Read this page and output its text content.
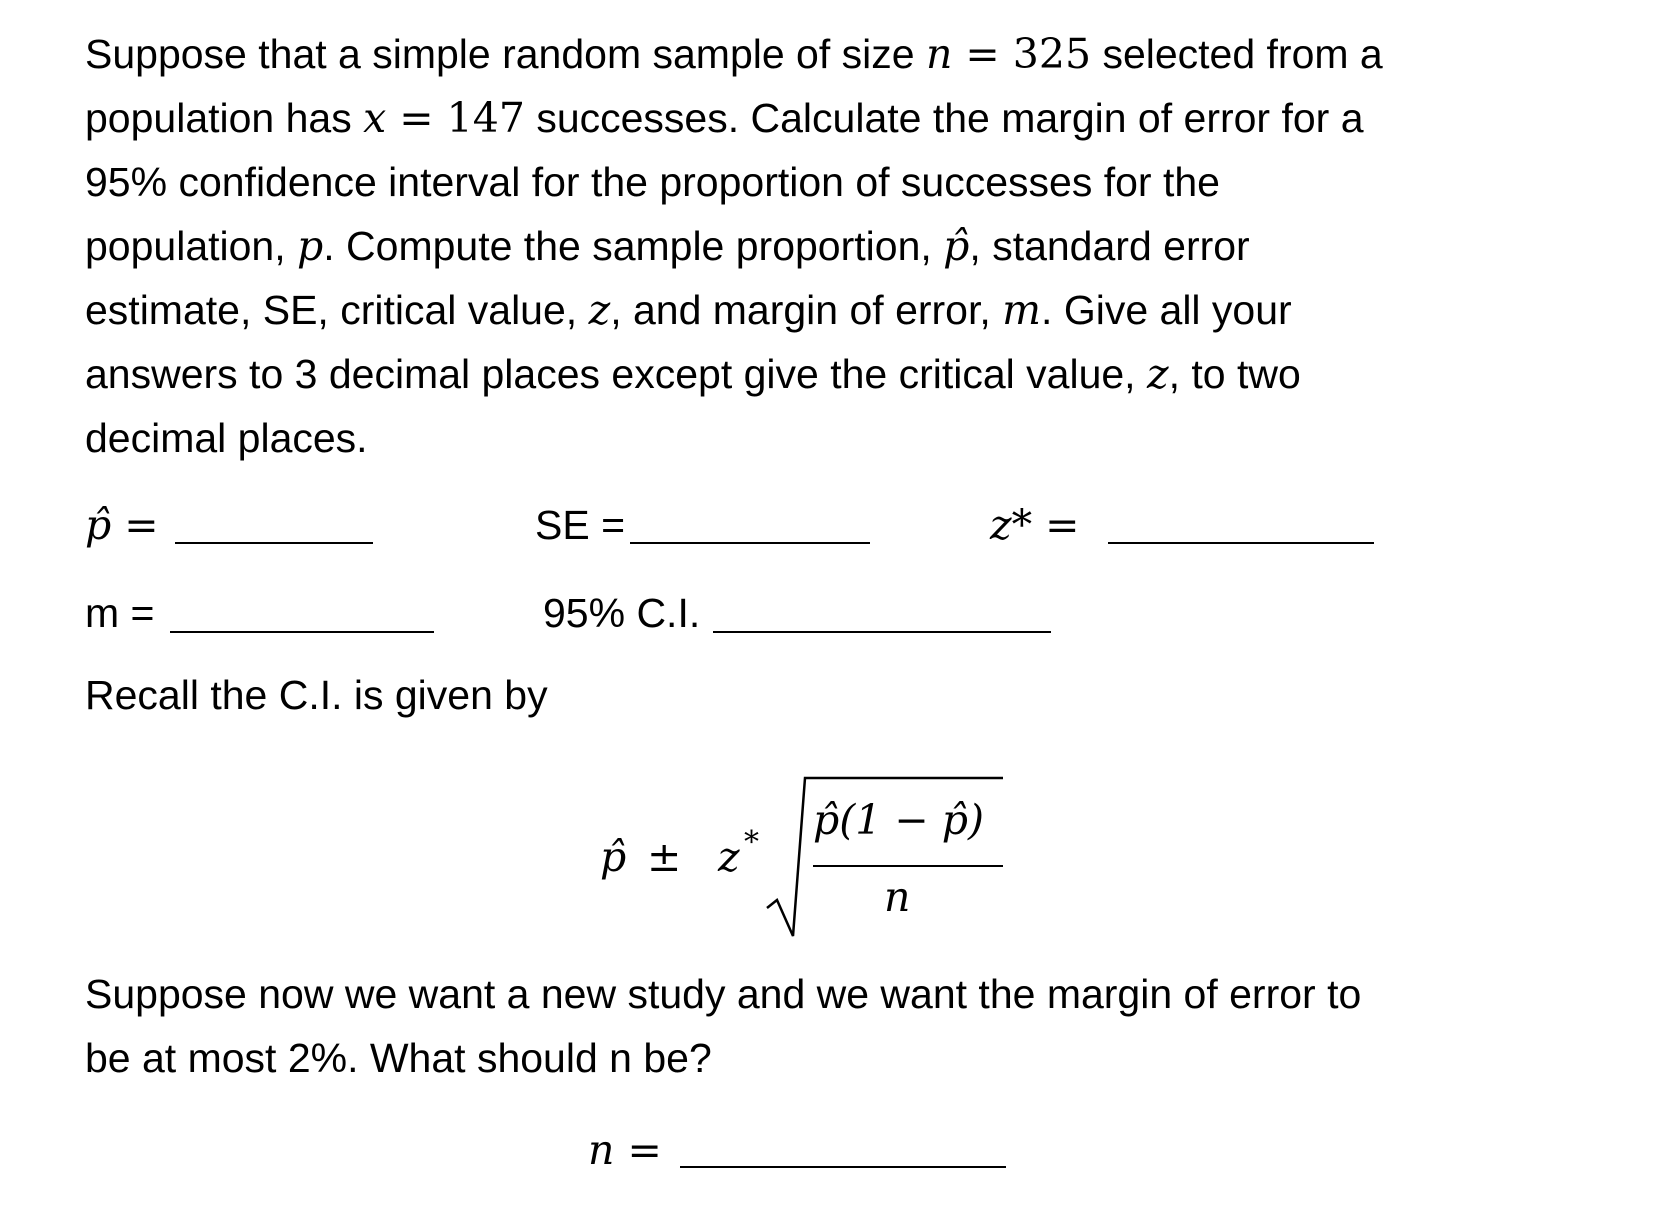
Suppose that a simple random sample of size n = 325 selected from a
population has x = 147 successes. Calculate the margin of error for a
95% confidence interval for the proportion of successes for the
population, p. Compute the sample proportion, p̂, standard error
estimate, SE, critical value, z, and margin of error, m. Give all your
answers to 3 decimal places except give the critical value, z, to two
decimal places.
p̂ =	SE =	z* =
m =	95% C.I.
Recall the C.I. is given by
p̂ ± z * p̂(1 − p̂)
n
Suppose now we want a new study and we want the margin of error to
be at most 2%. What should n be?
n =
